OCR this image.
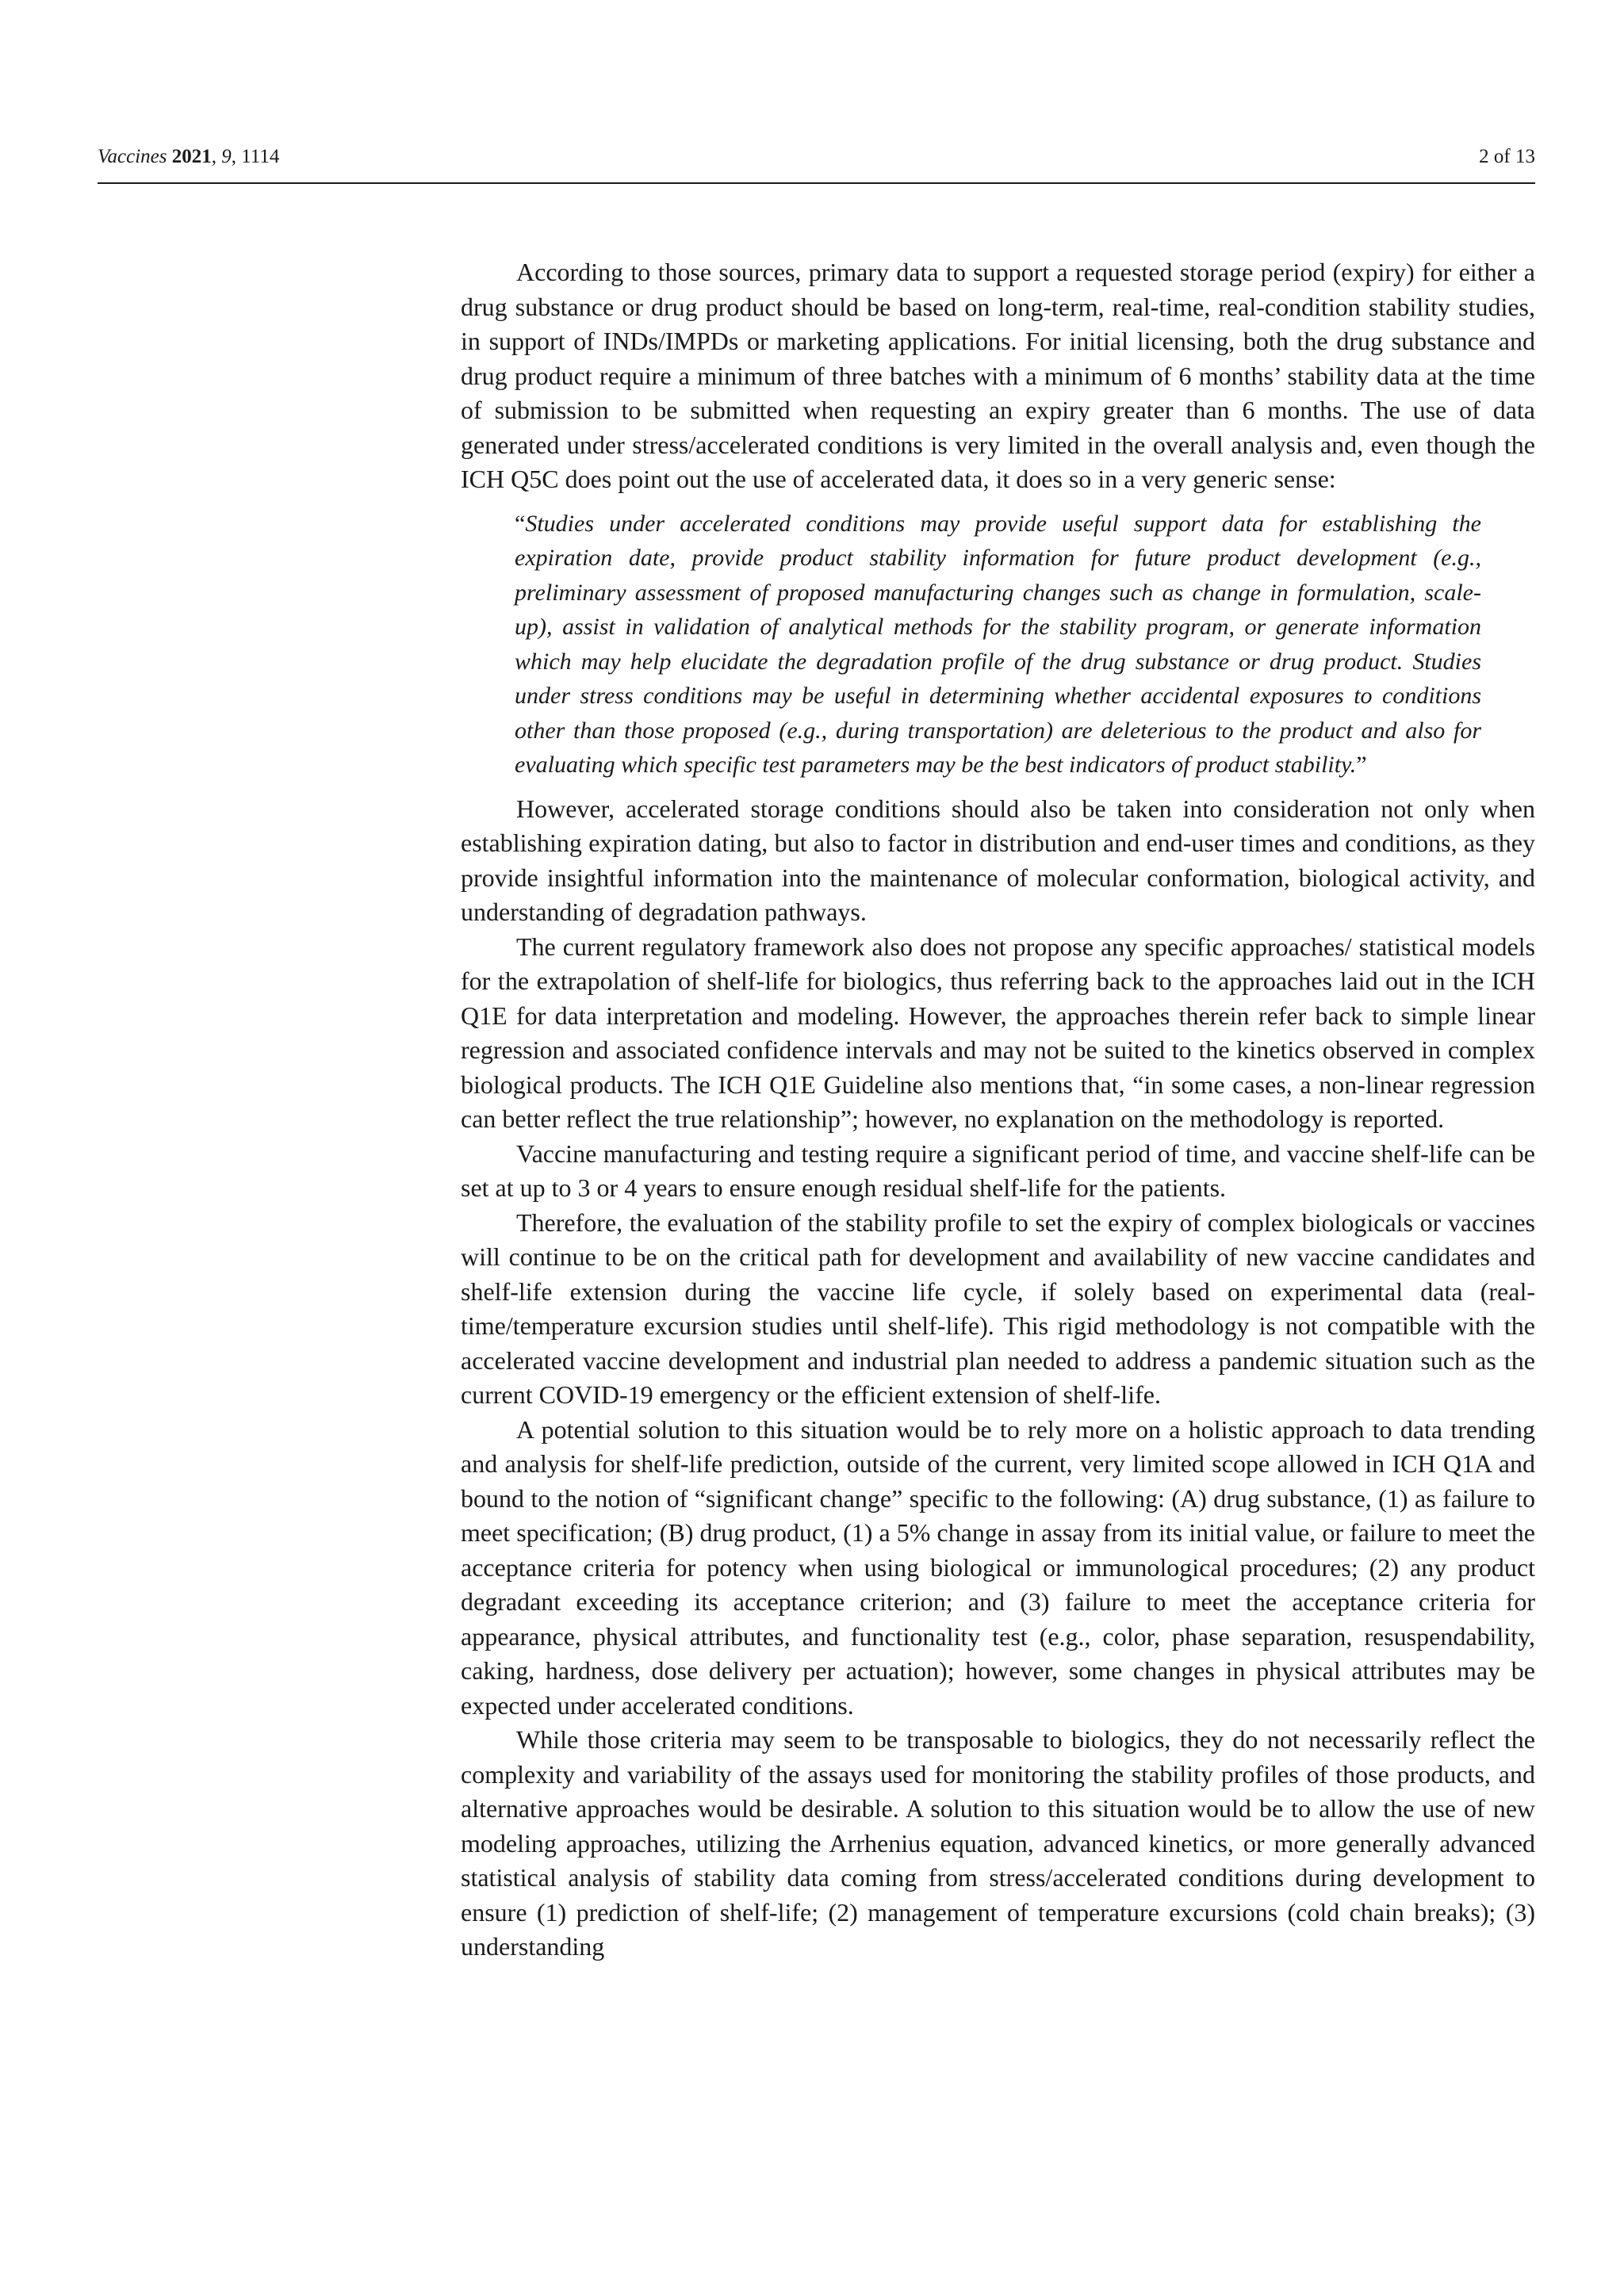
Vaccines 2021, 9, 1114	2 of 13

According to those sources, primary data to support a requested storage period (expiry) for either a drug substance or drug product should be based on long-term, real-time, real-condition stability studies, in support of INDs/IMPDs or marketing applications. For initial licensing, both the drug substance and drug product require a minimum of three batches with a minimum of 6 months’ stability data at the time of submission to be submitted when requesting an expiry greater than 6 months. The use of data generated under stress/accelerated conditions is very limited in the overall analysis and, even though the ICH Q5C does point out the use of accelerated data, it does so in a very generic sense:

“Studies under accelerated conditions may provide useful support data for establishing the expiration date, provide product stability information for future product development (e.g., preliminary assessment of proposed manufacturing changes such as change in formulation, scale-up), assist in validation of analytical methods for the stability program, or generate information which may help elucidate the degradation profile of the drug substance or drug product. Studies under stress conditions may be useful in determining whether accidental exposures to conditions other than those proposed (e.g., during transportation) are deleterious to the product and also for evaluating which specific test parameters may be the best indicators of product stability.”

However, accelerated storage conditions should also be taken into consideration not only when establishing expiration dating, but also to factor in distribution and end-user times and conditions, as they provide insightful information into the maintenance of molecular conformation, biological activity, and understanding of degradation pathways.

The current regulatory framework also does not propose any specific approaches/ statistical models for the extrapolation of shelf-life for biologics, thus referring back to the approaches laid out in the ICH Q1E for data interpretation and modeling. However, the approaches therein refer back to simple linear regression and associated confidence intervals and may not be suited to the kinetics observed in complex biological products. The ICH Q1E Guideline also mentions that, “in some cases, a non-linear regression can better reflect the true relationship”; however, no explanation on the methodology is reported.

Vaccine manufacturing and testing require a significant period of time, and vaccine shelf-life can be set at up to 3 or 4 years to ensure enough residual shelf-life for the patients.

Therefore, the evaluation of the stability profile to set the expiry of complex biologicals or vaccines will continue to be on the critical path for development and availability of new vaccine candidates and shelf-life extension during the vaccine life cycle, if solely based on experimental data (real-time/temperature excursion studies until shelf-life). This rigid methodology is not compatible with the accelerated vaccine development and industrial plan needed to address a pandemic situation such as the current COVID-19 emergency or the efficient extension of shelf-life.

A potential solution to this situation would be to rely more on a holistic approach to data trending and analysis for shelf-life prediction, outside of the current, very limited scope allowed in ICH Q1A and bound to the notion of “significant change” specific to the following: (A) drug substance, (1) as failure to meet specification; (B) drug product, (1) a 5% change in assay from its initial value, or failure to meet the acceptance criteria for potency when using biological or immunological procedures; (2) any product degradant exceeding its acceptance criterion; and (3) failure to meet the acceptance criteria for appearance, physical attributes, and functionality test (e.g., color, phase separation, resuspendability, caking, hardness, dose delivery per actuation); however, some changes in physical attributes may be expected under accelerated conditions.

While those criteria may seem to be transposable to biologics, they do not necessarily reflect the complexity and variability of the assays used for monitoring the stability profiles of those products, and alternative approaches would be desirable. A solution to this situation would be to allow the use of new modeling approaches, utilizing the Arrhenius equation, advanced kinetics, or more generally advanced statistical analysis of stability data coming from stress/accelerated conditions during development to ensure (1) prediction of shelf-life; (2) management of temperature excursions (cold chain breaks); (3) understanding
